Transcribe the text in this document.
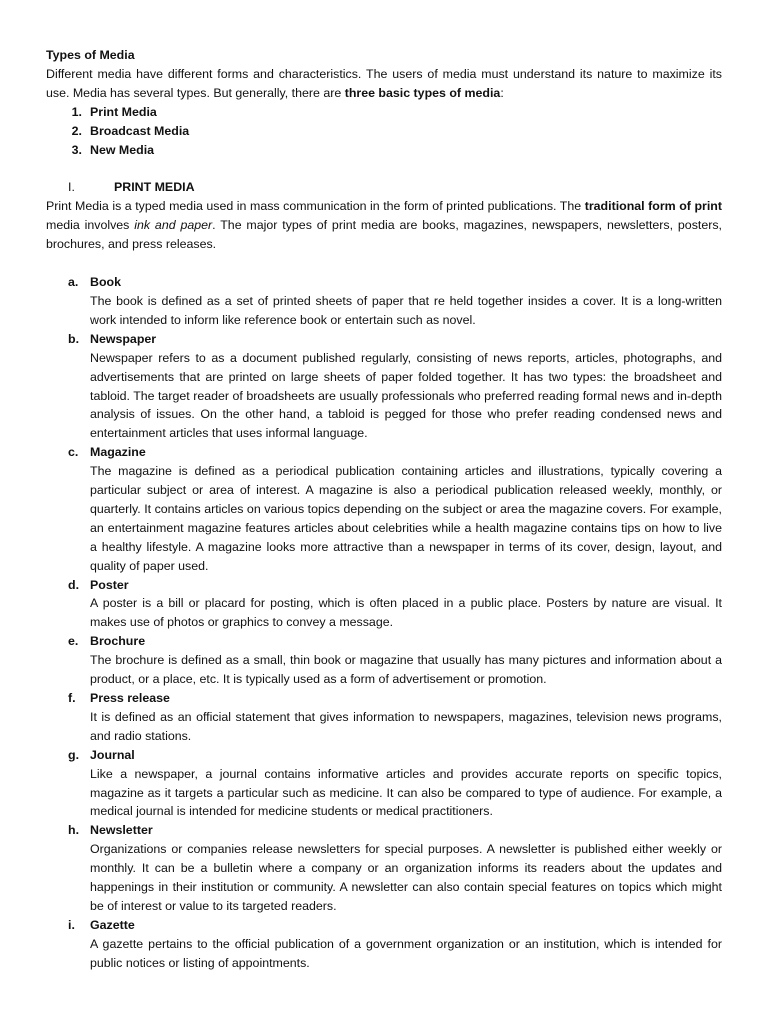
Types of Media

Different media have different forms and characteristics. The users of media must understand its nature to maximize its use. Media has several types. But generally, there are three basic types of media:

1. Print Media
2. Broadcast Media
3. New Media
I.	PRINT MEDIA

Print Media is a typed media used in mass communication in the form of printed publications. The traditional form of print media involves ink and paper. The major types of print media are books, magazines, newspapers, newsletters, posters, brochures, and press releases.

a. Book

The book is defined as a set of printed sheets of paper that re held together insides a cover. It is a long-written work intended to inform like reference book or entertain such as novel.

b. Newspaper

Newspaper refers to as a document published regularly, consisting of news reports, articles, photographs, and advertisements that are printed on large sheets of paper folded together. It has two types: the broadsheet and tabloid. The target reader of broadsheets are usually professionals who preferred reading formal news and in-depth analysis of issues. On the other hand, a tabloid is pegged for those who prefer reading condensed news and entertainment articles that uses informal language.

c. Magazine

The magazine is defined as a periodical publication containing articles and illustrations, typically covering a particular subject or area of interest. A magazine is also a periodical publication released weekly, monthly, or quarterly. It contains articles on various topics depending on the subject or area the magazine covers. For example, an entertainment magazine features articles about celebrities while a health magazine contains tips on how to live a healthy lifestyle. A magazine looks more attractive than a newspaper in terms of its cover, design, layout, and quality of paper used.

d. Poster

A poster is a bill or placard for posting, which is often placed in a public place. Posters by nature are visual. It makes use of photos or graphics to convey a message.

e. Brochure

The brochure is defined as a small, thin book or magazine that usually has many pictures and information about a product, or a place, etc. It is typically used as a form of advertisement or promotion.

f.	Press release

It is defined as an official statement that gives information to newspapers, magazines, television news programs, and radio stations.

g. Journal

Like a newspaper, a journal contains informative articles and provides accurate reports on specific topics, magazine as it targets a particular such as medicine. It can also be compared to type of audience. For example, a medical journal is intended for medicine students or medical practitioners.

h. Newsletter

Organizations or companies release newsletters for special purposes. A newsletter is published either weekly or monthly. It can be a bulletin where a company or an organization informs its readers about the updates and happenings in their institution or community. A newsletter can also contain special features on topics which might be of interest or value to its targeted readers.

i.	Gazette

A gazette pertains to the official publication of a government organization or an institution, which is intended for public notices or listing of appointments.
